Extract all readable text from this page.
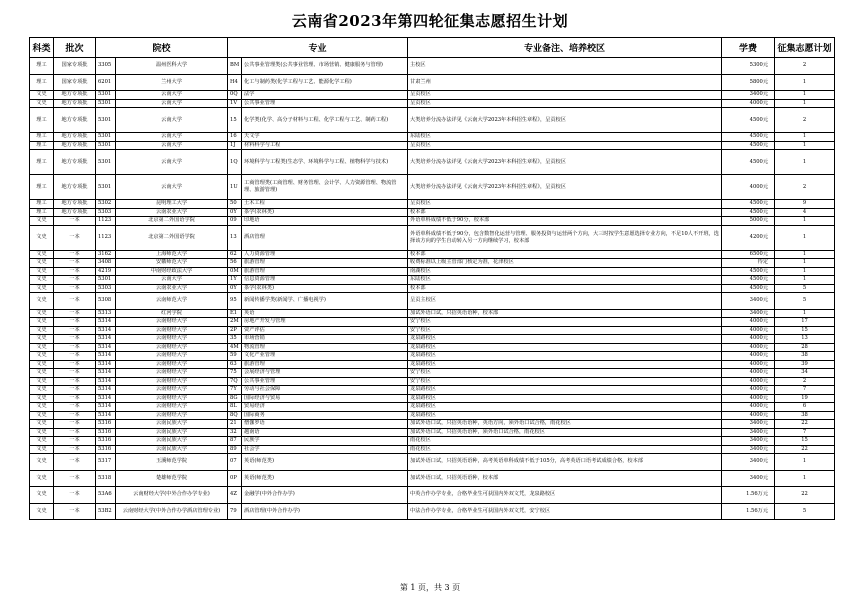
云南省2023年第四轮征集志愿招生计划
科类	批次	院校		专业		专业备注、培养校区	学费	征集志愿计划
理工	国家专项批	3305	温州医科大学	BM	公共事业管理类(公共事业管理、市场营销、健康服务与管理)	主校区	5300元	2
理工	国家专项批	6201	兰州大学	H4	化工与制药类(化学工程与工艺、能源化学工程)	甘肃兰州	5800元	1
文史	地方专项批	5301	云南大学	0Q	法学	呈贡校区	3400元	1
文史	地方专项批	5301	云南大学	1V	公共事业管理	呈贡校区	4000元	1
理工	地方专项批	5301	云南大学	15	化学类(化学、高分子材料与工程、化学工程与工艺、制药工程)	大类培养分流办法详见《云南大学2023年本科招生章程》，呈贡校区	4500元	2
理工	地方专项批	5301	云南大学	16	天文学	东陆校区	4500元	1
理工	地方专项批	5301	云南大学	1J	材料科学与工程	呈贡校区	4500元	1
理工	地方专项批	5301	云南大学	1Q	环境科学与工程类(生态学、环境科学与工程、植物科学与技术)	大类培养分流办法详见《云南大学2023年本科招生章程》，呈贡校区	4500元	1
理工	地方专项批	5301	云南大学	1U	工商管理类(工商管理、财务管理、会计学、人力资源管理、物流管理、旅游管理)	大类培养分流办法详见《云南大学2023年本科招生章程》，呈贡校区	4000元	2
理工	地方专项批	5302	昆明理工大学	50	土木工程	呈贡校区	4500元	9
理工	地方专项批	5303	云南农业大学	0Y	茶学(农林类)	校本部	4500元	4
文史	一本	1123	北京第二外国语学院	09	印地语	外语单科成绩不低于90分，校本部	5000元	1
文史	一本	1123	北京第二外国语学院	13	酒店管理	外语单科成绩不低于90分，包含数智化运营与管理、服务投资与运营两个方向，大三时按学生意愿选择专业方向，不足10人不开班，选择该方向的学生自动转入另一方向继续学习，校本部	4200元	1
文史	一本	3162	上海师范大学	62	人力资源管理	校本部	6500元	1
文史	一本	3408	安徽师范大学	56	旅游管理	收费标准以上级主管部门核定为准，花津校区	待定	1
文史	一本	4219	中南财经政法大学	0M	旅游管理	南湖校区	4500元	1
文史	一本	5301	云南大学	1Y	信息资源管理	东陆校区	4500元	1
文史	一本	5303	云南农业大学	0Y	茶学(农林类)	校本部	4500元	5
文史	一本	5308	云南师范大学	95	新闻传播学类(新闻学、广播电视学)	呈贡主校区	3400元	5
文史	一本	5313	红河学院	E1	英语	加试外语口试，只招英语语种，校本部	3400元	1
文史	一本	5314	云南财经大学	2M	房地产开发与管理	安宁校区	4000元	17
文史	一本	5314	云南财经大学	2P	资产评估	安宁校区	4000元	15
文史	一本	5314	云南财经大学	35	市场营销	龙泉路校区	4000元	13
文史	一本	5314	云南财经大学	4M	物流管理	龙泉路校区	4000元	28
文史	一本	5314	云南财经大学	59	文化产业管理	龙泉路校区	4000元	38
文史	一本	5314	云南财经大学	63	旅游管理	龙泉路校区	4000元	39
文史	一本	5314	云南财经大学	75	会展经济与管理	安宁校区	4000元	34
文史	一本	5314	云南财经大学	7Q	公共事业管理	安宁校区	4000元	2
文史	一本	5314	云南财经大学	7Y	劳动与社会保障	龙泉路校区	4000元	7
文史	一本	5314	云南财经大学	8G	国际经济与贸易	龙泉路校区	4000元	19
文史	一本	5314	云南财经大学	8L	贸易经济	龙泉路校区	4000元	6
文史	一本	5314	云南财经大学	8Q	国际商务	龙泉路校区	4000元	38
文史	一本	5316	云南民族大学	21	僧伽罗语	加试外语口试，只招英语语种，英语方向，须外语口试合格，雨花校区	3400元	22
文史	一本	5316	云南民族大学	32	越南语	加试外语口试，只招英语语种，须外语口试合格，雨花校区	3400元	7
文史	一本	5316	云南民族大学	87	民族学	雨花校区	3400元	15
文史	一本	5316	云南民族大学	89	社会学	雨花校区	3400元	22
文史	一本	5317	玉溪师范学院	07	英语(师范类)	加试外语口试，只招英语语种，高考英语单科成绩不低于105分，高考英语口语考试成绩合格，校本部	3400元	1
文史	一本	5318	楚雄师范学院	0P	英语(师范类)	加试外语口试，只招英语语种，校本部	3400元	1
文史	一本	53A6	云南财经大学(中外合作办学专业)	4Z	金融学(中外合作办学)	中英合作办学专业，合格毕业生可获国内外双文凭，龙泉路校区	1.56万元	22
文史	一本	53B2	云南财经大学(中外合作办学酒店管理专业)	79	酒店管理(中外合作办学)	中法合作办学专业，合格毕业生可获国内外双文凭，安宁校区	1.56万元	5
第 1 页，共 3 页
